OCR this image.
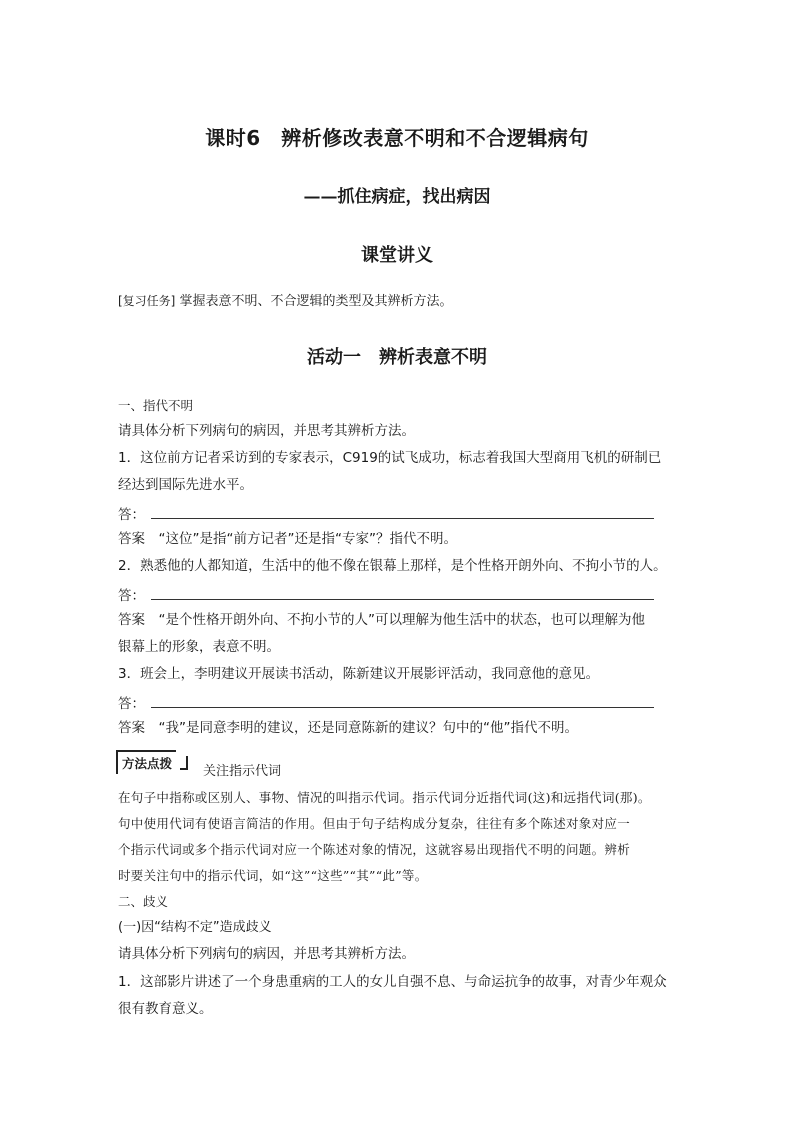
课时6　辨析修改表意不明和不合逻辑病句
——抓住病症，找出病因
课堂讲义
[复习任务] 掌握表意不明、不合逻辑的类型及其辨析方法。
活动一　辨析表意不明
一、指代不明
请具体分析下列病句的病因，并思考其辨析方法。
1．这位前方记者采访到的专家表示，C919的试飞成功，标志着我国大型商用飞机的研制已
经达到国际先进水平。
答：
答案　“这位”是指“前方记者”还是指“专家”？指代不明。
2．熟悉他的人都知道，生活中的他不像在银幕上那样，是个性格开朗外向、不拘小节的人。
答：
答案　“是个性格开朗外向、不拘小节的人”可以理解为他生活中的状态，也可以理解为他
银幕上的形象，表意不明。
3．班会上，李明建议开展读书活动，陈新建议开展影评活动，我同意他的意见。
答：
答案　“我”是同意李明的建议，还是同意陈新的建议？句中的“他”指代不明。
方法点拨
关注指示代词
在句子中指称或区别人、事物、情况的叫指示代词。指示代词分近指代词(这)和远指代词(那)。
句中使用代词有使语言简洁的作用。但由于句子结构成分复杂，往往有多个陈述对象对应一
个指示代词或多个指示代词对应一个陈述对象的情况，这就容易出现指代不明的问题。辨析
时要关注句中的指示代词，如“这”“这些”“其”“此”等。
二、歧义
(一)因“结构不定”造成歧义
请具体分析下列病句的病因，并思考其辨析方法。
1．这部影片讲述了一个身患重病的工人的女儿自强不息、与命运抗争的故事，对青少年观众
很有教育意义。
